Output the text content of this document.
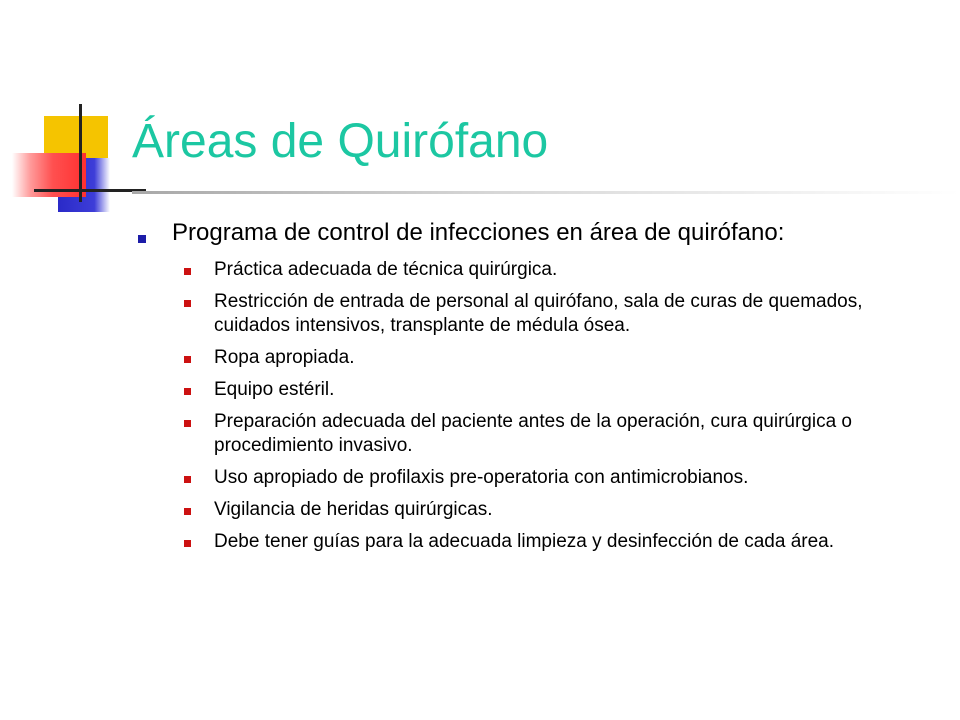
Áreas de Quirófano
Programa de control de infecciones en área de quirófano:
Práctica adecuada de técnica quirúrgica.
Restricción de entrada de personal al quirófano, sala de curas de quemados, cuidados intensivos, transplante de médula ósea.
Ropa apropiada.
Equipo estéril.
Preparación adecuada del paciente antes de la operación, cura quirúrgica o procedimiento invasivo.
Uso apropiado de profilaxis pre-operatoria con antimicrobianos.
Vigilancia de heridas quirúrgicas.
Debe tener guías para la adecuada limpieza y desinfección de cada área.
